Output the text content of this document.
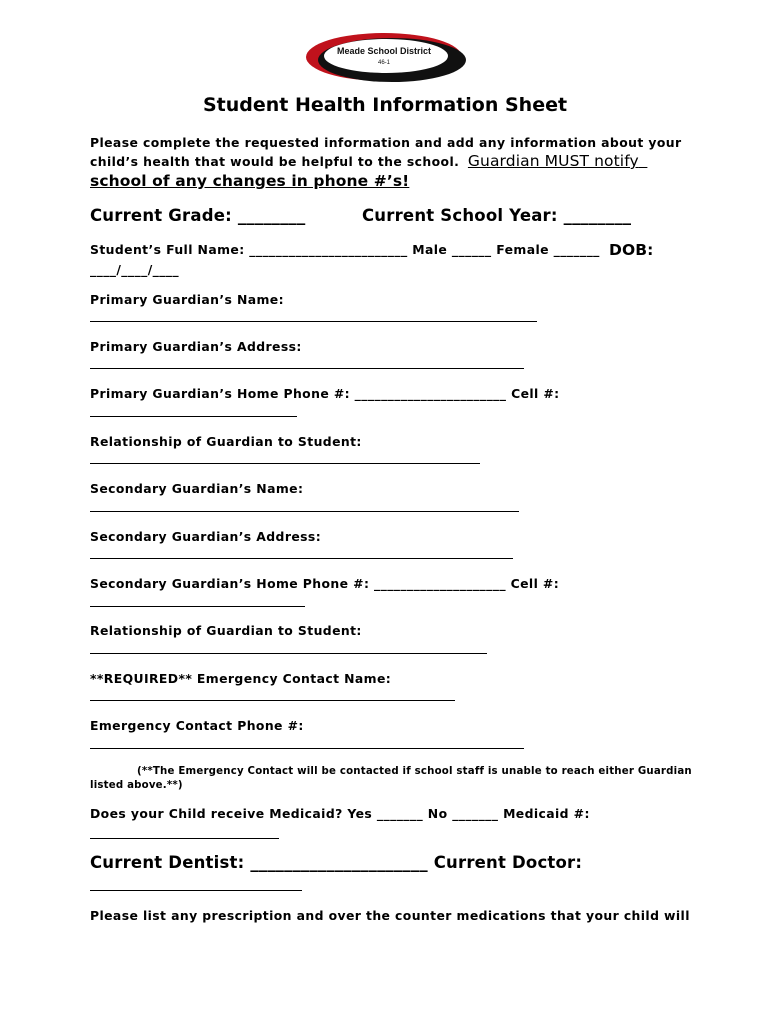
Meade School District
46-1
Student Health Information Sheet
Please complete the requested information and add any information about your
child’s health that would be helpful to the school. Guardian MUST notify
school of any changes in phone #’s!
Current Grade: ________	Current School Year: ________
Student’s Full Name: ________________________ Male ______ Female _______ DOB:
____/____/____
Primary Guardian’s Name:
Primary Guardian’s Address:
Primary Guardian’s Home Phone #: _______________________ Cell #:
Relationship of Guardian to Student:
Secondary Guardian’s Name:
Secondary Guardian’s Address:
Secondary Guardian’s Home Phone #: ____________________ Cell #:
Relationship of Guardian to Student:
**REQUIRED** Emergency Contact Name:
Emergency Contact Phone #:
(**The Emergency Contact will be contacted if school staff is unable to reach either Guardian
listed above.**)
Does your Child receive Medicaid? Yes _______ No _______ Medicaid #:
Current Dentist: _____________________ Current Doctor:
Please list any prescription and over the counter medications that your child will
